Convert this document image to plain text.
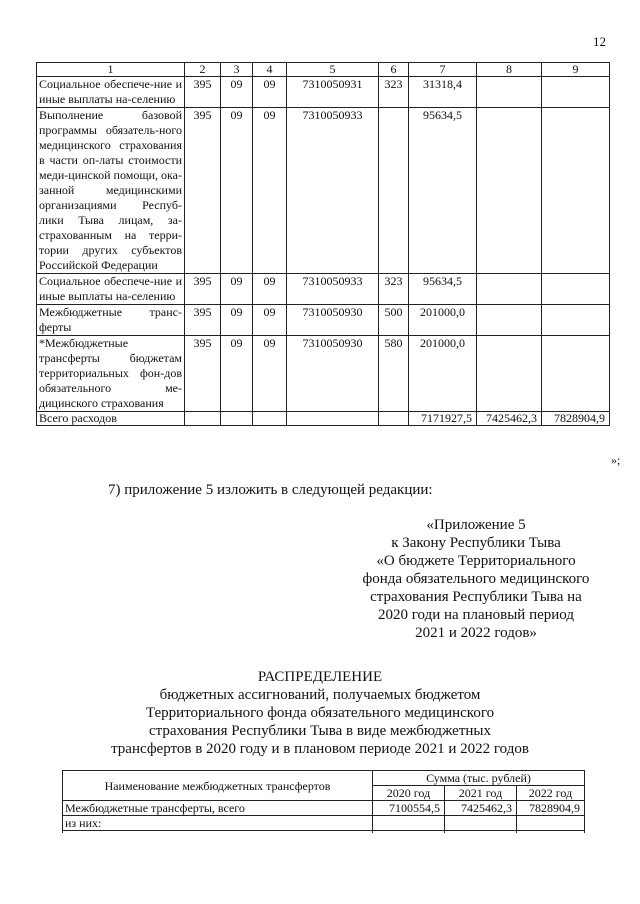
12
1	2	3	4	5	6	7	8	9
Социальное обеспече-ние и иные выплаты на-селению	395	09	09	7310050931	323	31318,4		
Выполнение базовой программы обязатель-ного медицинского страхования в части оп-латы стоимости меди-цинской помощи, ока-занной медицинскими организациями Респуб-лики Тыва лицам, за-страхованным на терри-тории других субъектов Российской Федерации	395	09	09	7310050933		95634,5		
Социальное обеспече-ние и иные выплаты на-селению	395	09	09	7310050933	323	95634,5		
Межбюджетные транс-ферты	395	09	09	7310050930	500	201000,0		
*Межбюджетные трансферты бюджетам территориальных фон-дов обязательного ме-дицинского страхования	395	09	09	7310050930	580	201000,0		
Всего расходов						7171927,5	7425462,3	7828904,9
»;
7) приложение 5 изложить в следующей редакции:
«Приложение 5
к Закону Республики Тыва
«О бюджете Территориального
фонда обязательного медицинского
страхования Республики Тыва на
2020 годи на плановый период
2021 и 2022 годов»
РАСПРЕДЕЛЕНИЕ
бюджетных ассигнований, получаемых бюджетом
Территориального фонда обязательного медицинского
страхования Республики Тыва в виде межбюджетных
трансфертов в 2020 году и в плановом периоде 2021 и 2022 годов
Наименование межбюджетных трансфертов	Сумма (тыс. рублей)		
	2020 год	2021 год	2022 год
Межбюджетные трансферты, всего	7100554,5	7425462,3	7828904,9
из них:			
